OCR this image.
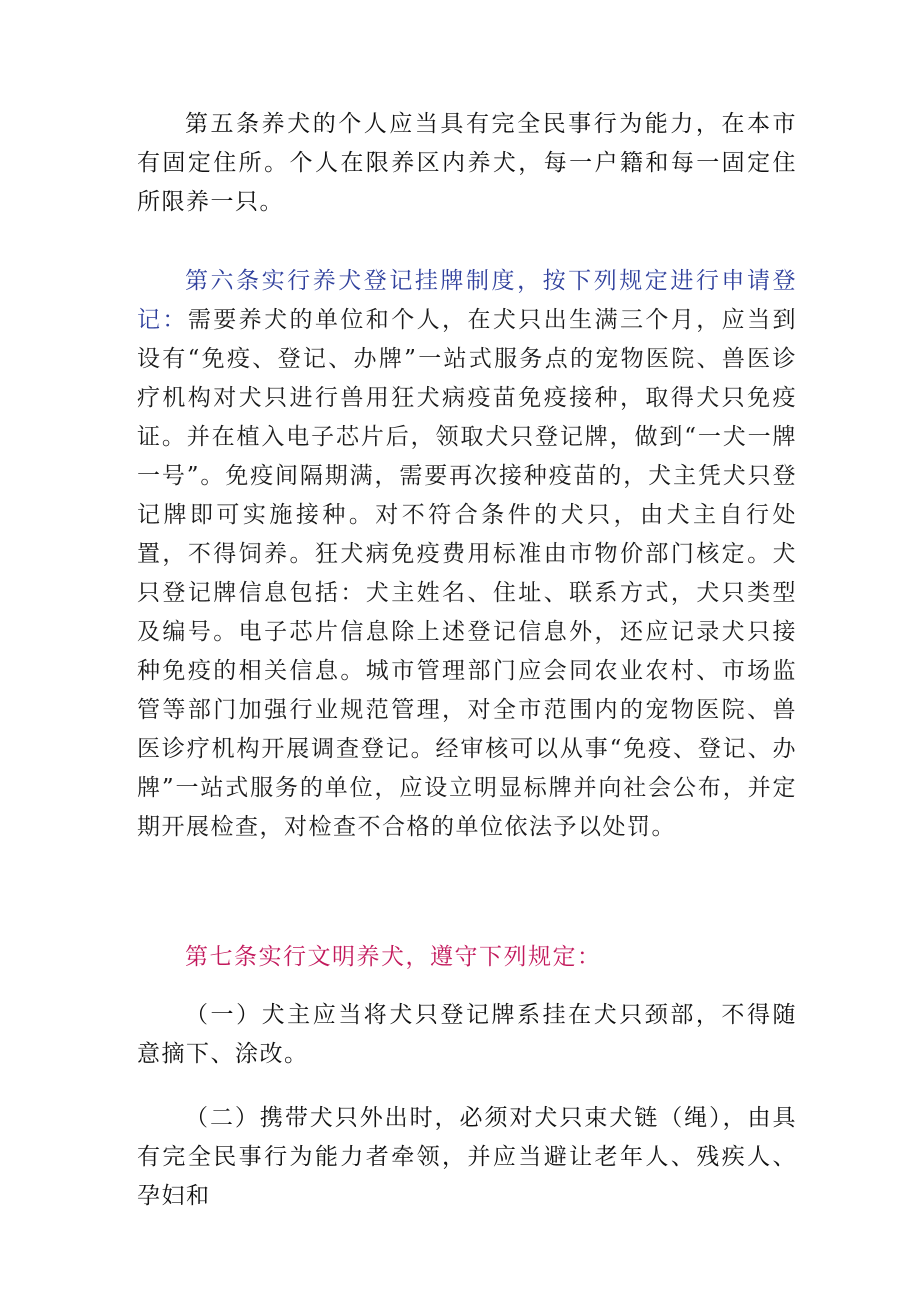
第五条养犬的个人应当具有完全民事行为能力，在本市有固定住所。个人在限养区内养犬，每一户籍和每一固定住所限养一只。

第六条实行养犬登记挂牌制度，按下列规定进行申请登记：需要养犬的单位和个人，在犬只出生满三个月，应当到设有“免疫、登记、办牌”一站式服务点的宠物医院、兽医诊疗机构对犬只进行兽用狂犬病疫苗免疫接种，取得犬只免疫证。并在植入电子芯片后，领取犬只登记牌，做到“一犬一牌一号”。免疫间隔期满，需要再次接种疫苗的，犬主凭犬只登记牌即可实施接种。对不符合条件的犬只，由犬主自行处置，不得饲养。狂犬病免疫费用标准由市物价部门核定。犬只登记牌信息包括：犬主姓名、住址、联系方式，犬只类型及编号。电子芯片信息除上述登记信息外，还应记录犬只接种免疫的相关信息。城市管理部门应会同农业农村、市场监管等部门加强行业规范管理，对全市范围内的宠物医院、兽医诊疗机构开展调查登记。经审核可以从事“免疫、登记、办牌”一站式服务的单位，应设立明显标牌并向社会公布，并定期开展检查，对检查不合格的单位依法予以处罚。

第七条实行文明养犬，遵守下列规定：

（一）犬主应当将犬只登记牌系挂在犬只颈部，不得随意摘下、涂改。

（二）携带犬只外出时，必须对犬只束犬链（绳），由具有完全民事行为能力者牵领，并应当避让老年人、残疾人、孕妇和
